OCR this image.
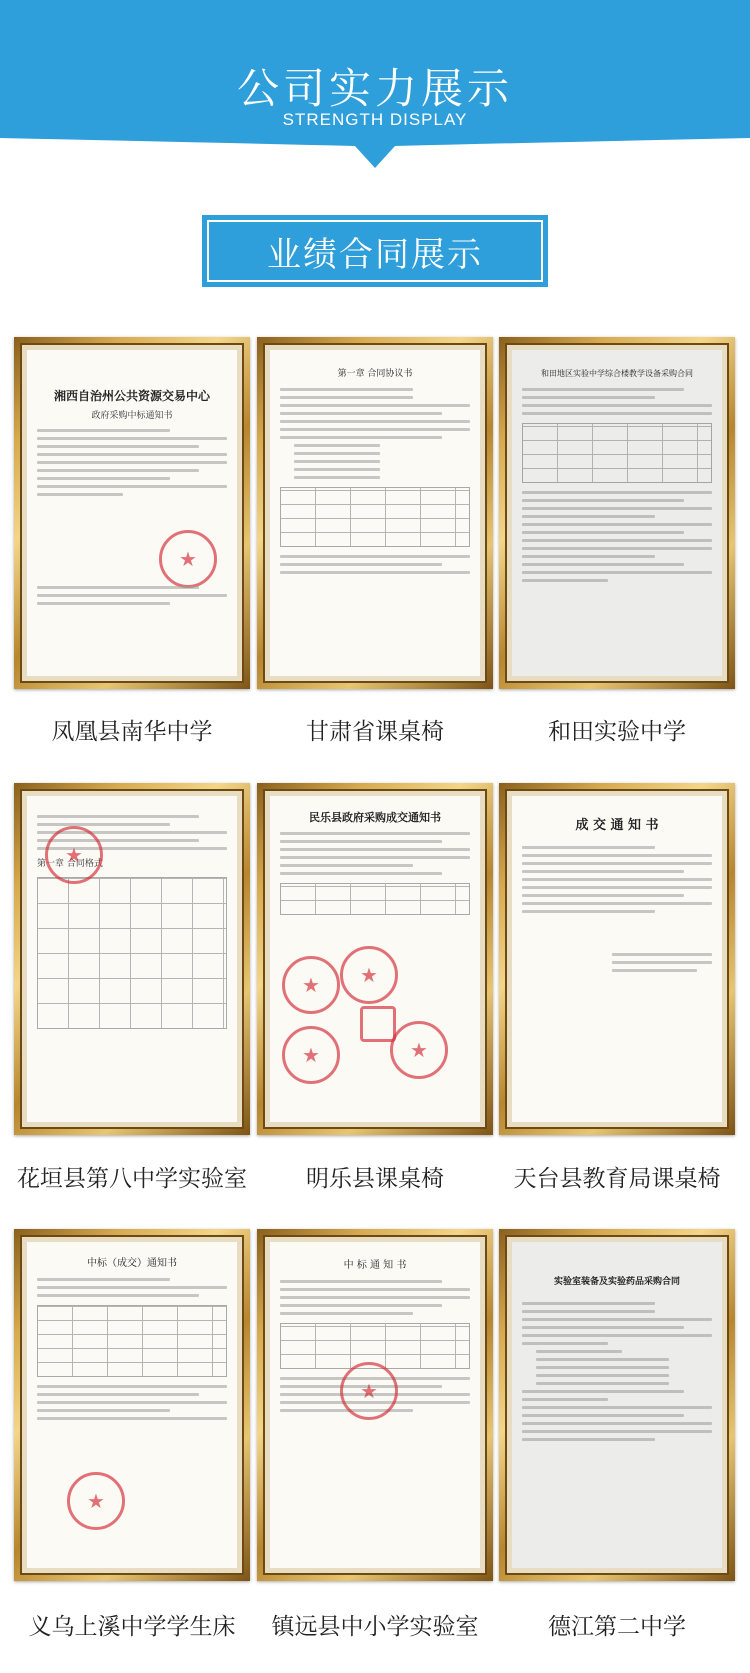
公司实力展示
STRENGTH DISPLAY
业绩合同展示
湘西自治州公共资源交易中心
政府采购中标通知书
★
凤凰县南华中学
第一章 合同协议书
甘肃省课桌椅
和田地区实验中学综合楼教学设备采购合同
和田实验中学
第一章 合同格式
★
花垣县第八中学实验室
民乐县政府采购成交通知书
★
★
★
★
明乐县课桌椅
成 交 通 知 书
天台县教育局课桌椅
中标（成交）通知书
★
义乌上溪中学学生床
中 标 通 知 书
★
镇远县中小学实验室
实验室装备及实验药品采购合同
德江第二中学
